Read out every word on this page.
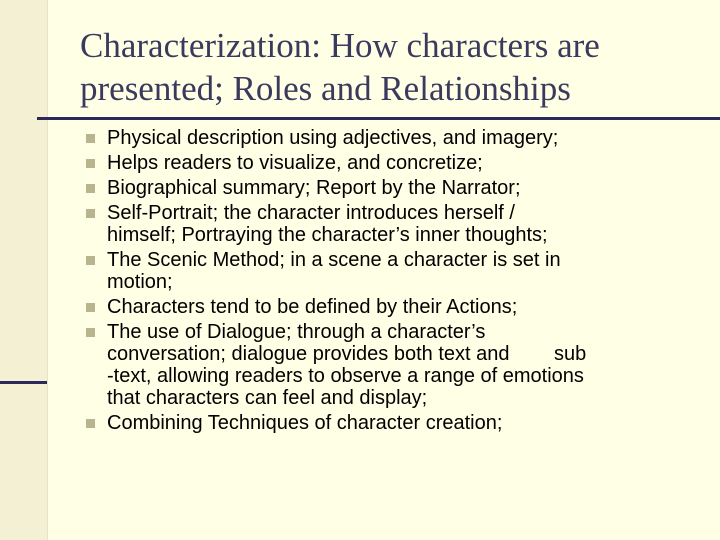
Characterization: How characters are
presented; Roles and Relationships
Physical description using adjectives, and imagery;
Helps readers to visualize, and concretize;
Biographical summary; Report by the Narrator;
Self-Portrait; the character introduces herself /
himself; Portraying the character’s inner thoughts;
The Scenic Method; in a scene a character is set in
motion;
Characters tend to be defined by their Actions;
The use of Dialogue; through a character’s
conversation; dialogue provides both text and        sub
-text, allowing readers to observe a range of emotions
that characters can feel and display;
Combining Techniques of character creation;
